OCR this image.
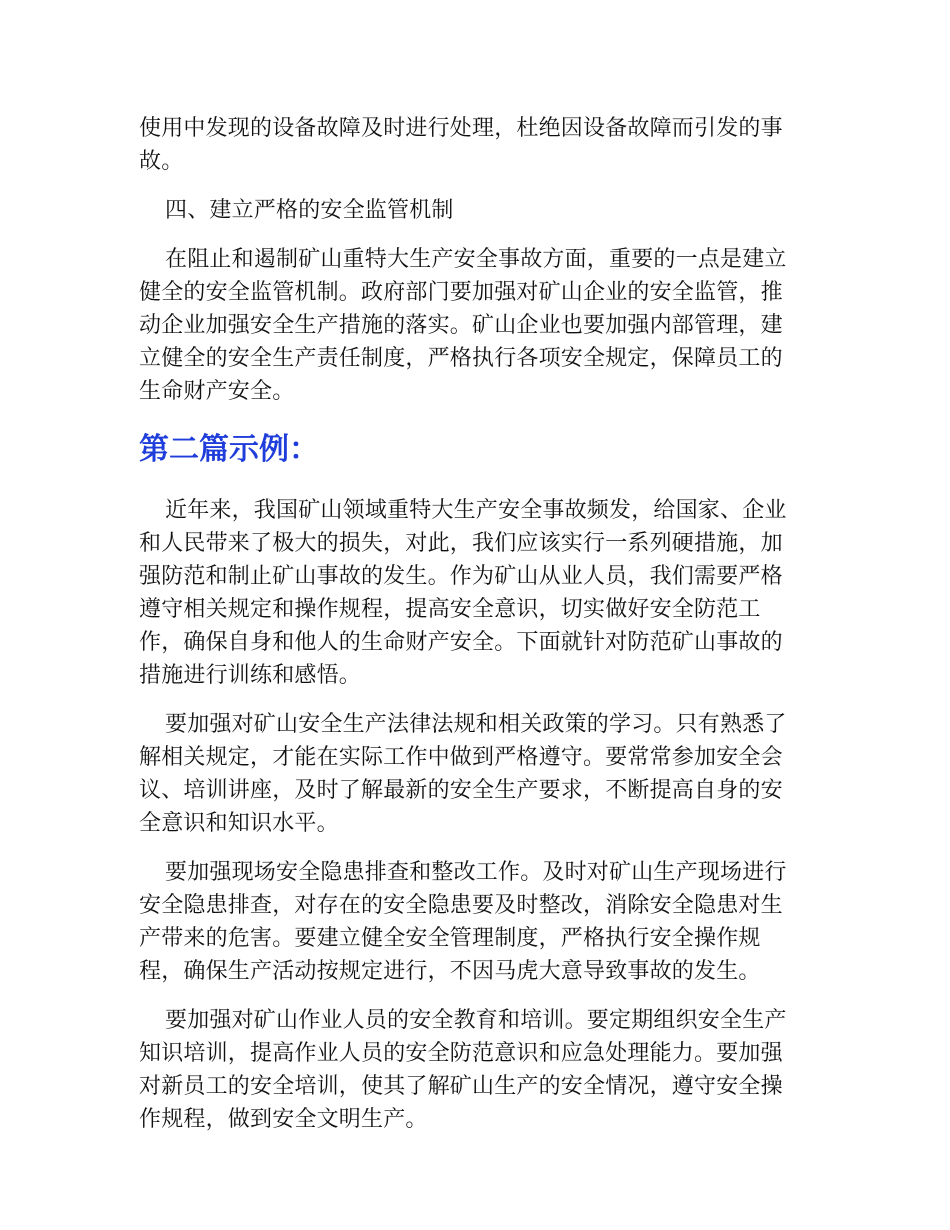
使用中发现的设备故障及时进行处理，杜绝因设备故障而引发的事故。

四、建立严格的安全监管机制

在阻止和遏制矿山重特大生产安全事故方面，重要的一点是建立健全的安全监管机制。政府部门要加强对矿山企业的安全监管，推动企业加强安全生产措施的落实。矿山企业也要加强内部管理，建立健全的安全生产责任制度，严格执行各项安全规定，保障员工的生命财产安全。

第二篇示例：

近年来，我国矿山领域重特大生产安全事故频发，给国家、企业和人民带来了极大的损失，对此，我们应该实行一系列硬措施，加强防范和制止矿山事故的发生。作为矿山从业人员，我们需要严格遵守相关规定和操作规程，提高安全意识，切实做好安全防范工作，确保自身和他人的生命财产安全。下面就针对防范矿山事故的措施进行训练和感悟。

要加强对矿山安全生产法律法规和相关政策的学习。只有熟悉了解相关规定，才能在实际工作中做到严格遵守。要常常参加安全会议、培训讲座，及时了解最新的安全生产要求，不断提高自身的安全意识和知识水平。

要加强现场安全隐患排查和整改工作。及时对矿山生产现场进行安全隐患排查，对存在的安全隐患要及时整改，消除安全隐患对生产带来的危害。要建立健全安全管理制度，严格执行安全操作规程，确保生产活动按规定进行，不因马虎大意导致事故的发生。

要加强对矿山作业人员的安全教育和培训。要定期组织安全生产知识培训，提高作业人员的安全防范意识和应急处理能力。要加强对新员工的安全培训，使其了解矿山生产的安全情况，遵守安全操作规程，做到安全文明生产。
